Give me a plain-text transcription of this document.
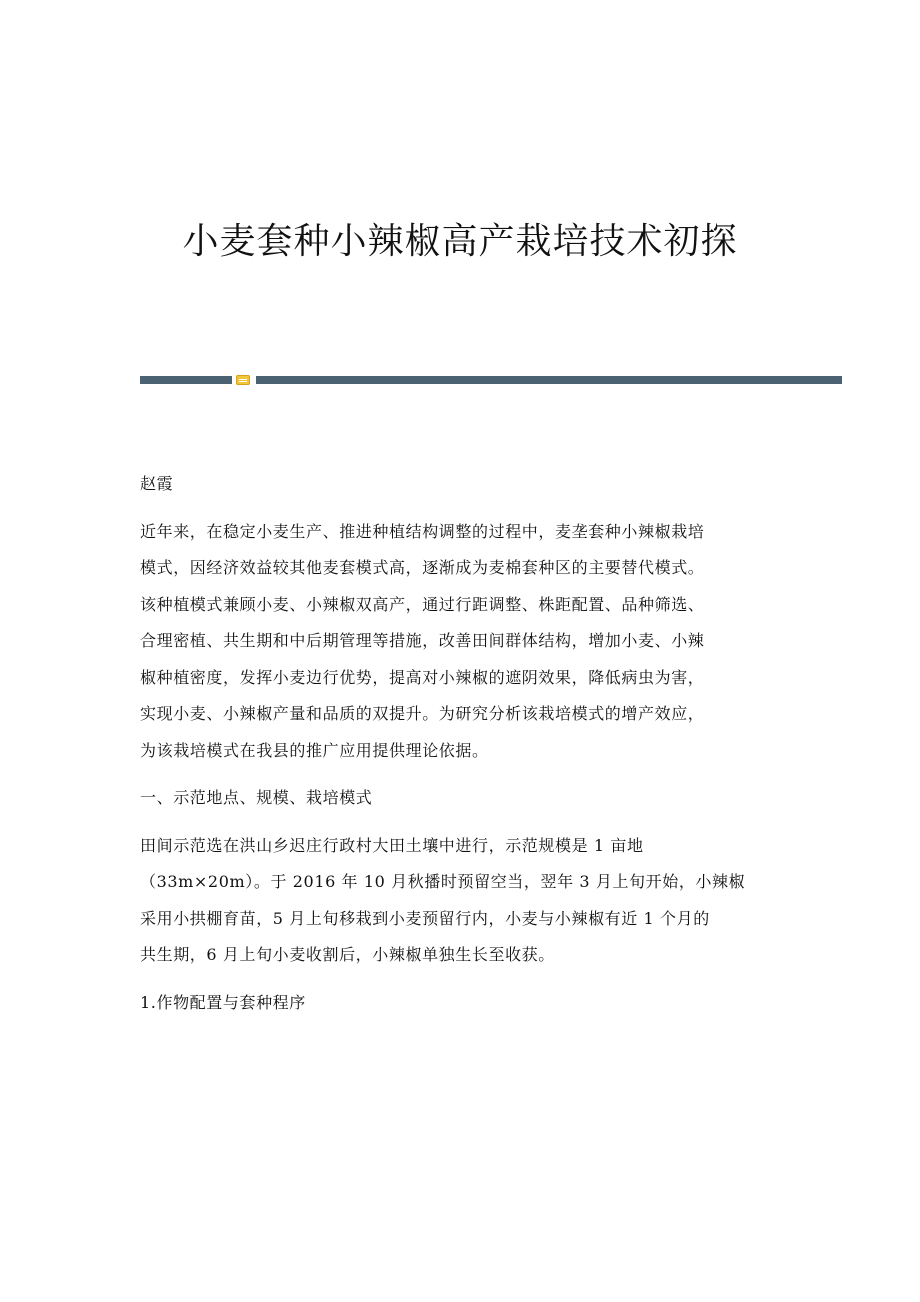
小麦套种小辣椒高产栽培技术初探

赵霞

近年来，在稳定小麦生产、推进种植结构调整的过程中，麦垄套种小辣椒栽培

模式，因经济效益较其他麦套模式高，逐渐成为麦棉套种区的主要替代模式。

该种植模式兼顾小麦、小辣椒双高产，通过行距调整、株距配置、品种筛选、

合理密植、共生期和中后期管理等措施，改善田间群体结构，增加小麦、小辣

椒种植密度，发挥小麦边行优势，提高对小辣椒的遮阴效果，降低病虫为害，

实现小麦、小辣椒产量和品质的双提升。为研究分析该栽培模式的增产效应，

为该栽培模式在我县的推广应用提供理论依据。

一、示范地点、规模、栽培模式

田间示范选在洪山乡迟庄行政村大田土壤中进行，示范规模是 1 亩地

（33m×20m）。于 2016 年 10 月秋播时预留空当，翌年 3 月上旬开始，小辣椒

采用小拱棚育苗，5 月上旬移栽到小麦预留行内，小麦与小辣椒有近 1 个月的

共生期，6 月上旬小麦收割后，小辣椒单独生长至收获。

1.作物配置与套种程序
